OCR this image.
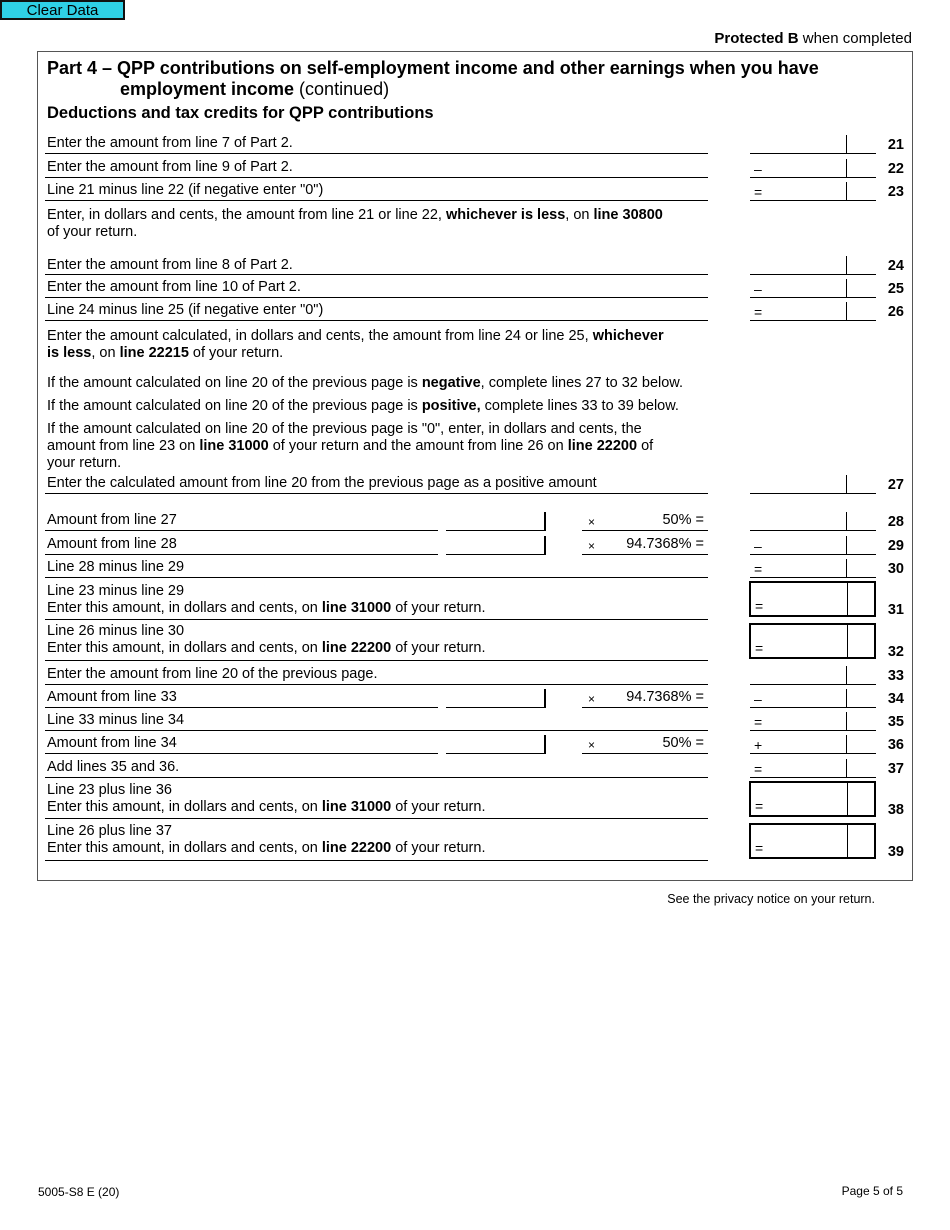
Clear Data
Protected B when completed
Part 4 – QPP contributions on self-employment income and other earnings when you have
employment income (continued)
Deductions and tax credits for QPP contributions
Enter the amount from line 7 of Part 2.	21
Enter the amount from line 9 of Part 2.	–	22
Line 21 minus line 22 (if negative enter "0")	=	23
Enter, in dollars and cents, the amount from line 21 or line 22, whichever is less, on line 30800
of your return.
Enter the amount from line 8 of Part 2.	24
Enter the amount from line 10 of Part 2.	–	25
Line 24 minus line 25 (if negative enter "0")	=	26
Enter the amount calculated, in dollars and cents, the amount from line 24 or line 25, whichever
is less, on line 22215 of your return.
If the amount calculated on line 20 of the previous page is negative, complete lines 27 to 32 below.
If the amount calculated on line 20 of the previous page is positive, complete lines 33 to 39 below.
If the amount calculated on line 20 of the previous page is "0", enter, in dollars and cents, the
amount from line 23 on line 31000 of your return and the amount from line 26 on line 22200 of
your return.
Enter the calculated amount from line 20 from the previous page as a positive amount	27
Amount from line 27	×	50% =	28
Amount from line 28	× 94.7368% =	–	29
Line 28 minus line 29	=	30
Line 23 minus line 29
Enter this amount, in dollars and cents, on line 31000 of your return.	=	31
Line 26 minus line 30
Enter this amount, in dollars and cents, on line 22200 of your return.	=	32
Enter the amount from line 20 of the previous page.	33
Amount from line 33	× 94.7368% =	–	34
Line 33 minus line 34	=	35
Amount from line 34	×	50% =	+	36
Add lines 35 and 36.	=	37
Line 23 plus line 36
Enter this amount, in dollars and cents, on line 31000 of your return.	=	38
Line 26 plus line 37
Enter this amount, in dollars and cents, on line 22200 of your return.	=	39
See the privacy notice on your return.
5005-S8 E (20)	Page 5 of 5
